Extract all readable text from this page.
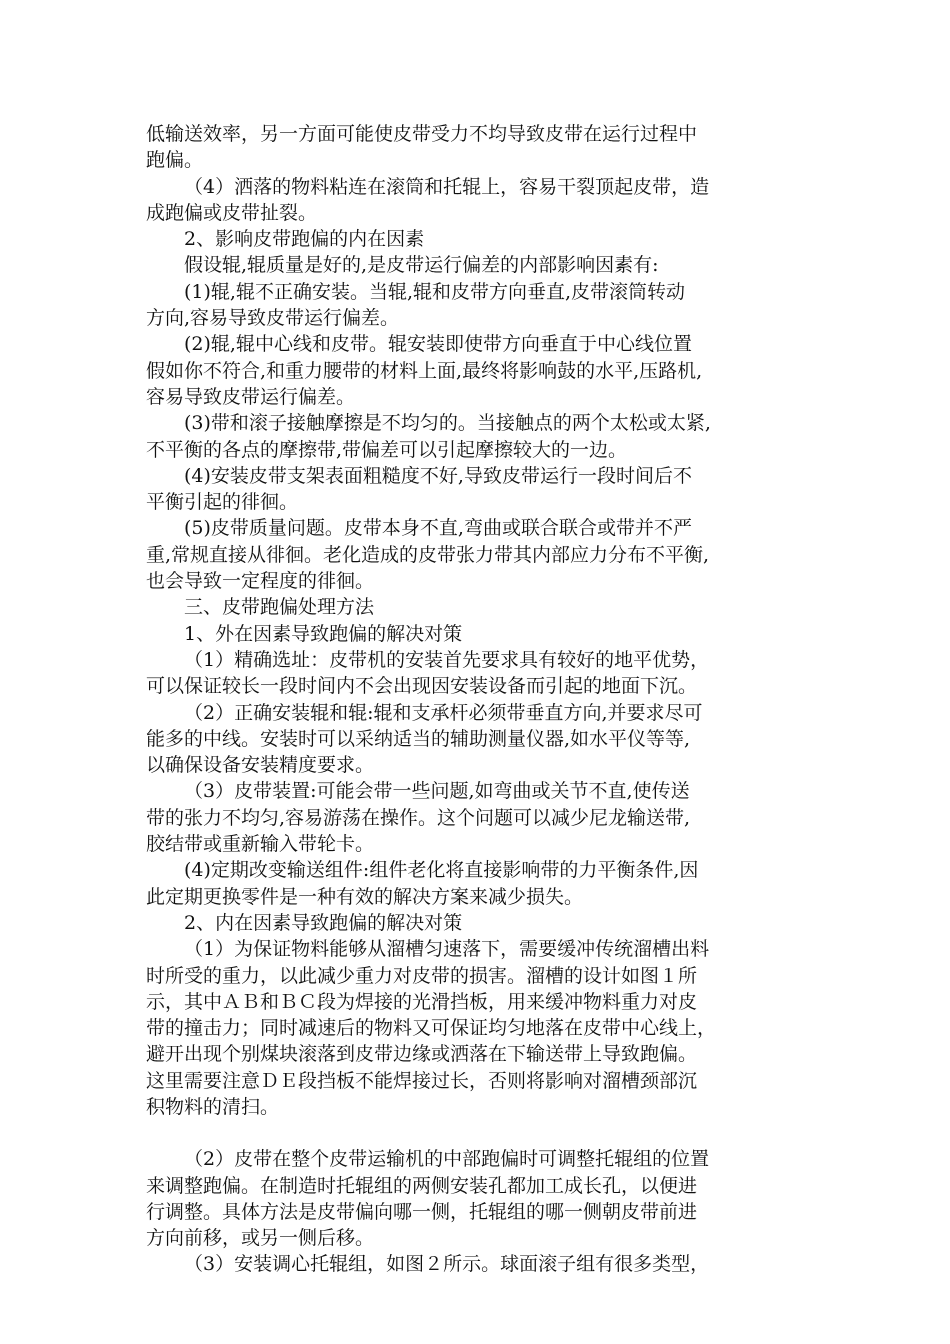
低输送效率，另一方面可能使皮带受力不均导致皮带在运行过程中
跑偏。
（4）洒落的物料粘连在滚筒和托辊上，容易干裂顶起皮带，造
成跑偏或皮带扯裂。
2、影响皮带跑偏的内在因素
假设辊,辊质量是好的,是皮带运行偏差的内部影响因素有:
(1)辊,辊不正确安装。当辊,辊和皮带方向垂直,皮带滚筒转动
方向,容易导致皮带运行偏差。
(2)辊,辊中心线和皮带。辊安装即使带方向垂直于中心线位置
假如你不符合,和重力腰带的材料上面,最终将影响鼓的水平,压路机,
容易导致皮带运行偏差。
(3)带和滚子接触摩擦是不均匀的。当接触点的两个太松或太紧,
不平衡的各点的摩擦带,带偏差可以引起摩擦较大的一边。
(4)安装皮带支架表面粗糙度不好,导致皮带运行一段时间后不
平衡引起的徘徊。
(5)皮带质量问题。皮带本身不直,弯曲或联合联合或带并不严
重,常规直接从徘徊。老化造成的皮带张力带其内部应力分布不平衡,
也会导致一定程度的徘徊。
三、皮带跑偏处理方法
1、外在因素导致跑偏的解决对策
（1）精确选址：皮带机的安装首先要求具有较好的地平优势，
可以保证较长一段时间内不会出现因安装设备而引起的地面下沉。
（2）正确安装辊和辊:辊和支承杆必须带垂直方向,并要求尽可
能多的中线。安装时可以采纳适当的辅助测量仪器,如水平仪等等,
以确保设备安装精度要求。
（3）皮带装置:可能会带一些问题,如弯曲或关节不直,使传送
带的张力不均匀,容易游荡在操作。这个问题可以减少尼龙输送带,
胶结带或重新输入带轮卡。
(4)定期改变输送组件:组件老化将直接影响带的力平衡条件,因
此定期更换零件是一种有效的解决方案来减少损失。
2、内在因素导致跑偏的解决对策
（1）为保证物料能够从溜槽匀速落下，需要缓冲传统溜槽出料
时所受的重力，以此减少重力对皮带的损害。溜槽的设计如图１所
示，其中ＡＢ和ＢＣ段为焊接的光滑挡板，用来缓冲物料重力对皮
带的撞击力；同时减速后的物料又可保证均匀地落在皮带中心线上，
避开出现个别煤块滚落到皮带边缘或洒落在下输送带上导致跑偏。
这里需要注意ＤＥ段挡板不能焊接过长，否则将影响对溜槽颈部沉
积物料的清扫。
（2）皮带在整个皮带运输机的中部跑偏时可调整托辊组的位置
来调整跑偏。在制造时托辊组的两侧安装孔都加工成长孔，以便进
行调整。具体方法是皮带偏向哪一侧，托辊组的哪一侧朝皮带前进
方向前移，或另一侧后移。
（3）安装调心托辊组，如图２所示。球面滚子组有很多类型，
